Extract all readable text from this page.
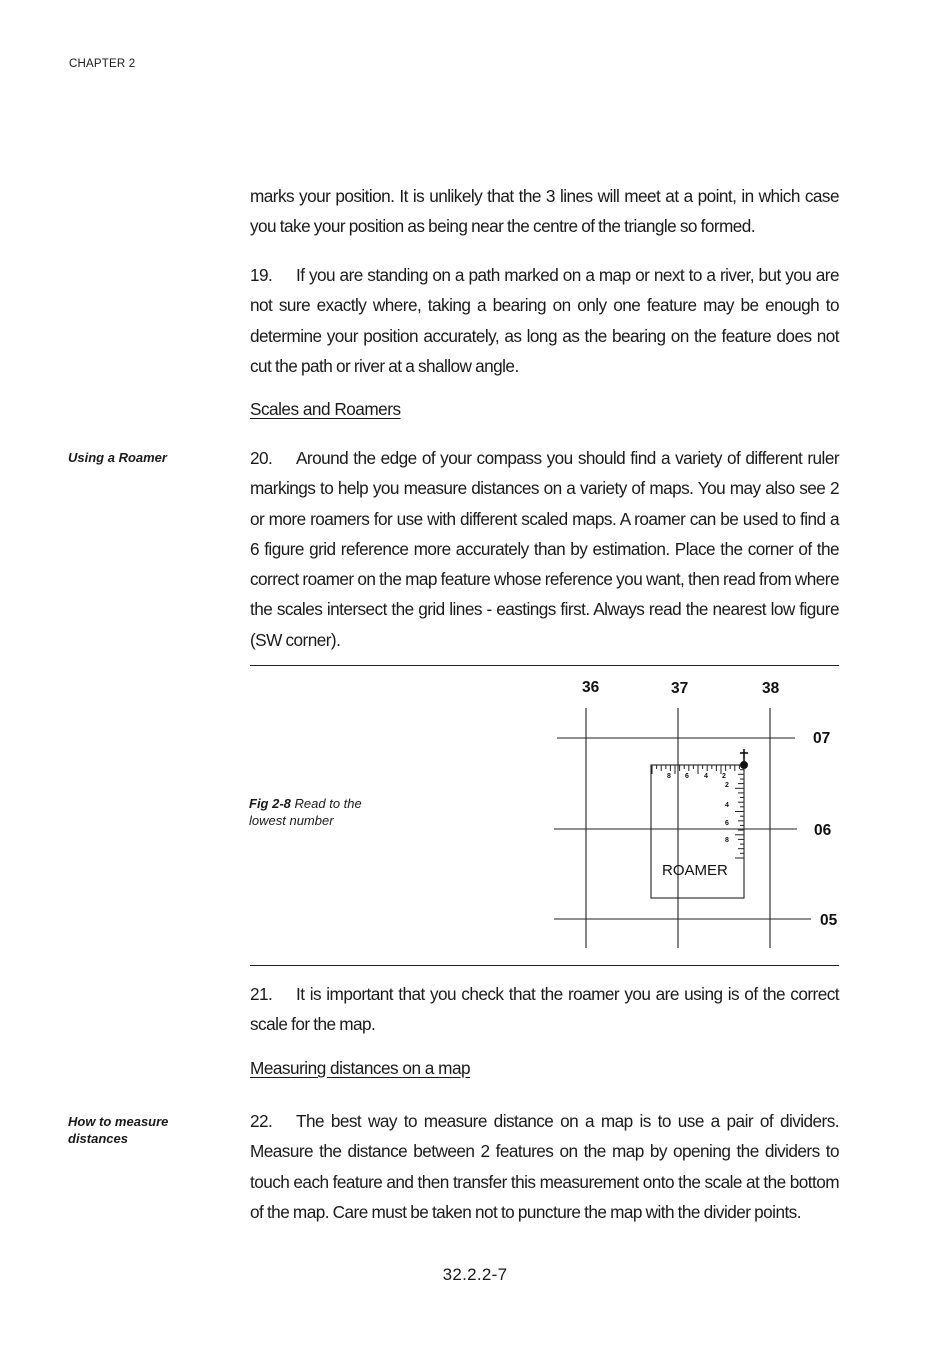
CHAPTER 2

marks your position. It is unlikely that the 3 lines will meet at a point, in which case you take your position as being near the centre of the triangle so formed.

19. If you are standing on a path marked on a map or next to a river, but you are not sure exactly where, taking a bearing on only one feature may be enough to determine your position accurately, as long as the bearing on the feature does not cut the path or river at a shallow angle.

Scales and Roamers

Using a Roamer	20. Around the edge of your compass you should find a variety of different ruler markings to help you measure distances on a variety of maps. You may also see 2 or more roamers for use with different scaled maps. A roamer can be used to find a 6 figure grid reference more accurately than by estimation. Place the corner of the correct roamer on the map feature whose reference you want, then read from where the scales intersect the grid lines - eastings first. Always read the nearest low figure (SW corner).

Fig 2-8 Read to the lowest number
36	37	38
07
06
05
8 6 4 2
2
4
6
8
ROAMER

21. It is important that you check that the roamer you are using is of the correct scale for the map.

Measuring distances on a map

How to measure distances

22. The best way to measure distance on a map is to use a pair of dividers. Measure the distance between 2 features on the map by opening the dividers to touch each feature and then transfer this measurement onto the scale at the bottom of the map. Care must be taken not to puncture the map with the divider points.

32.2.2-7
